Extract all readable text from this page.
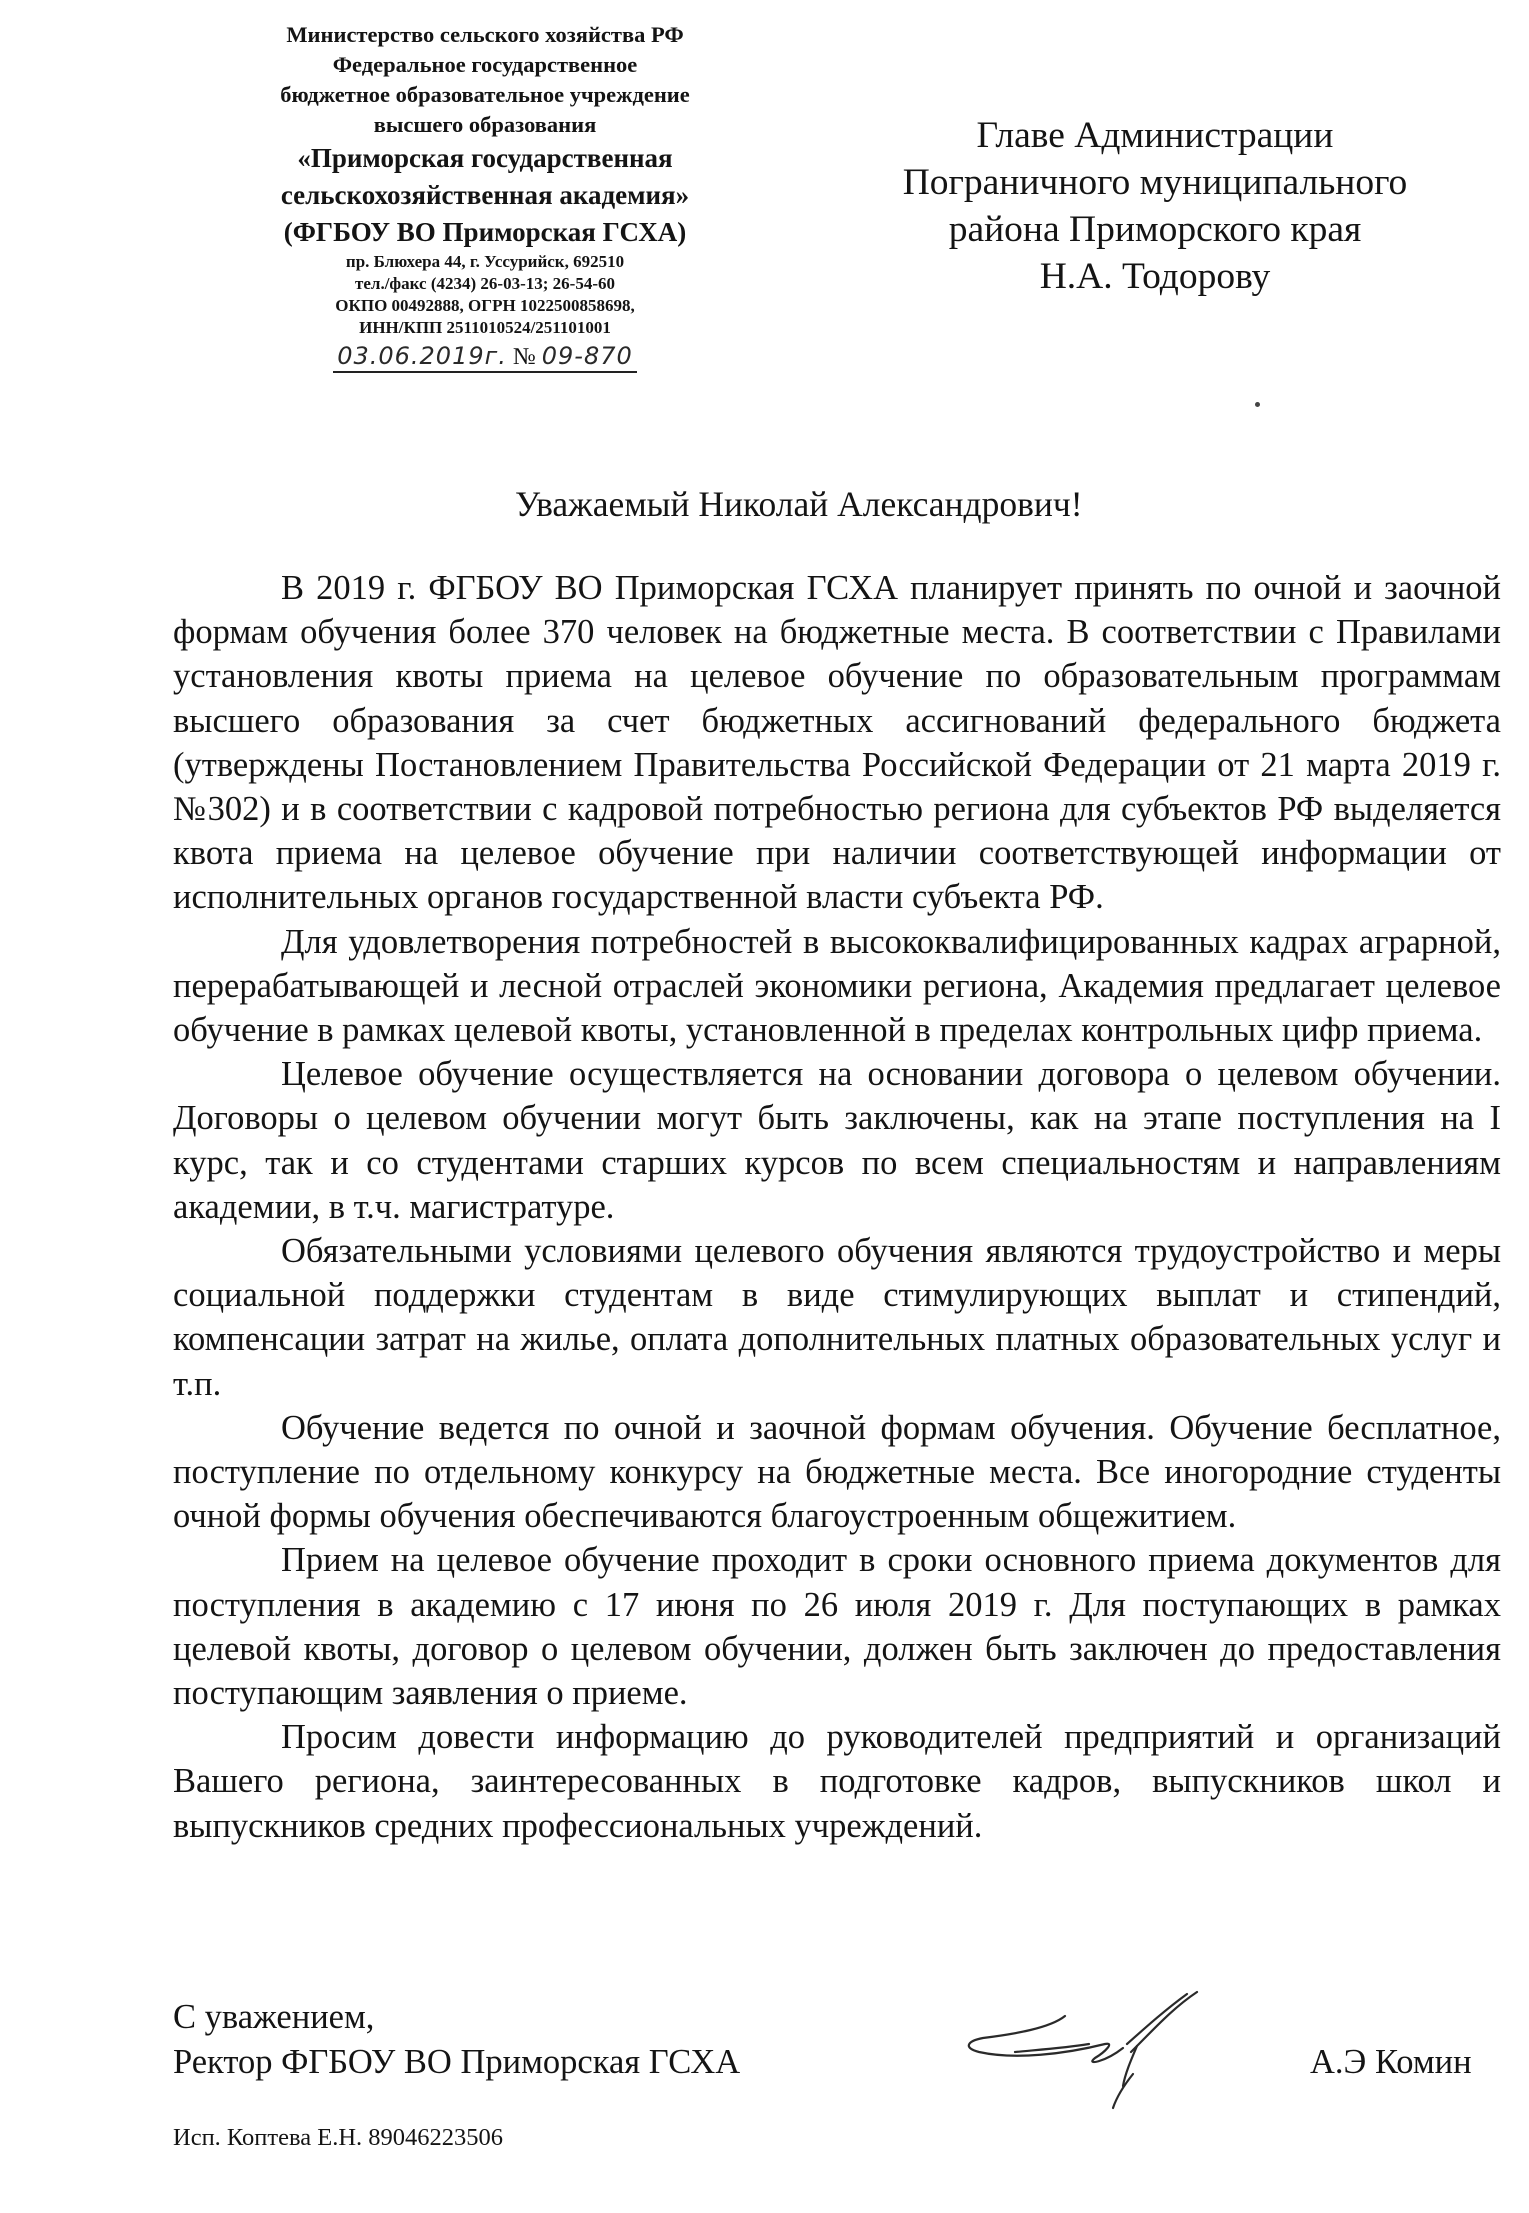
Министерство сельского хозяйства РФ
Федеральное государственное
бюджетное образовательное учреждение
высшего образования
«Приморская государственная
сельскохозяйственная академия»
(ФГБОУ ВО Приморская ГСХА)
пр. Блюхера 44, г. Уссурийск, 692510
тел./факс (4234) 26-03-13; 26-54-60
ОКПО 00492888, ОГРН 1022500858698,
ИНН/КПП 2511010524/251101001
03.06.2019г. № 09-870
Главе Администрации
Пограничного муниципального
района Приморского края
Н.А. Тодорову
Уважаемый Николай Александрович!

В 2019 г. ФГБОУ ВО Приморская ГСХА планирует принять по очной и заочной формам обучения более 370 человек на бюджетные места. В соответствии с Правилами установления квоты приема на целевое обучение по образовательным программам высшего образования за счет бюджетных ассигнований федерального бюджета (утверждены Постановлением Правительства Российской Федерации от 21 марта 2019 г. №302) и в соответствии с кадровой потребностью региона для субъектов РФ выделяется квота приема на целевое обучение при наличии соответствующей информации от исполнительных органов государственной власти субъекта РФ.

Для удовлетворения потребностей в высококвалифицированных кадрах аграрной, перерабатывающей и лесной отраслей экономики региона, Академия предлагает целевое обучение в рамках целевой квоты, установленной в пределах контрольных цифр приема.

Целевое обучение осуществляется на основании договора о целевом обучении. Договоры о целевом обучении могут быть заключены, как на этапе поступления на I курс, так и со студентами старших курсов по всем специальностям и направлениям академии, в т.ч. магистратуре.

Обязательными условиями целевого обучения являются трудоустройство и меры социальной поддержки студентам в виде стимулирующих выплат и стипендий, компенсации затрат на жилье, оплата дополнительных платных образовательных услуг и т.п.

Обучение ведется по очной и заочной формам обучения. Обучение бесплатное, поступление по отдельному конкурсу на бюджетные места. Все иногородние студенты очной формы обучения обеспечиваются благоустроенным общежитием.

Прием на целевое обучение проходит в сроки основного приема документов для поступления в академию с 17 июня по 26 июля 2019 г. Для поступающих в рамках целевой квоты, договор о целевом обучении, должен быть заключен до предоставления поступающим заявления о приеме.

Просим довести информацию до руководителей предприятий и организаций Вашего региона, заинтересованных в подготовке кадров, выпускников школ и выпускников средних профессиональных учреждений.

С уважением,
Ректор ФГБОУ ВО Приморская ГСХА	А.Э Комин
Исп. Коптева Е.Н. 89046223506
